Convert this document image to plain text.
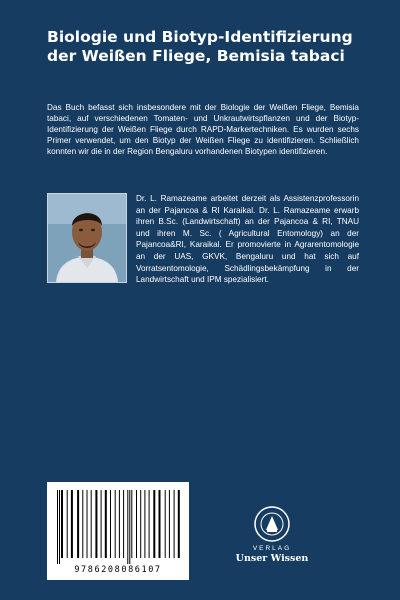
Biologie und Biotyp-Identifizierung der Weißen Fliege, Bemisia tabaci

Das Buch befasst sich insbesondere mit der Biologie der Weißen Fliege, Bemisia tabaci, auf verschiedenen Tomaten- und Unkrautwirtspflanzen und der Biotyp-Identifizierung der Weißen Fliege durch RAPD-Markertechniken. Es wurden sechs Primer verwendet, um den Biotyp der Weißen Fliege zu identifizieren. Schließlich konnten wir die in der Region Bengaluru vorhandenen Biotypen identifizieren.

Dr. L. Ramazeame arbeitet derzeit als Assistenzprofessorin an der Pajancoa & RI Karaikal. Dr. L. Ramazeame erwarb ihren B.Sc. (Landwirtschaft) an der Pajancoa & RI, TNAU und ihren M. Sc. ( Agricultural Entomology) an der Pajancoa&RI, Karaikal. Er promovierte in Agrarentomologie an der UAS, GKVK, Bengaluru und hat sich auf Vorratsentomologie, Schädlingsbekämpfung in der Landwirtschaft und IPM spezialisiert.

9786208086107
VERLAG
Unser Wissen
